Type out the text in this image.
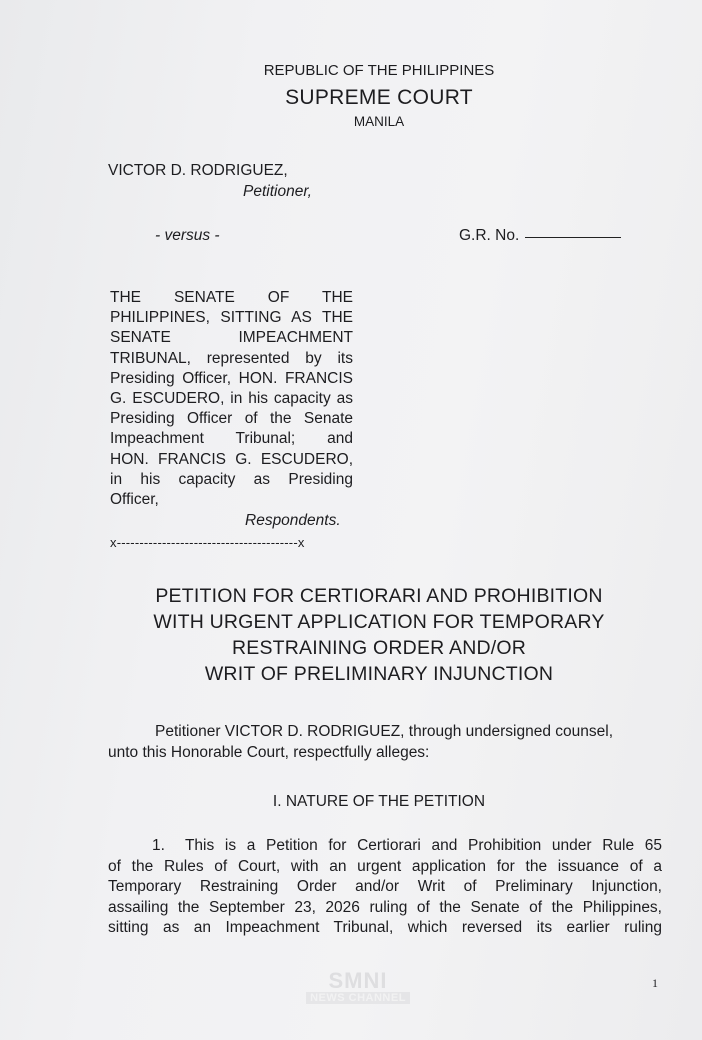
REPUBLIC OF THE PHILIPPINES
SUPREME COURT
MANILA
VICTOR D. RODRIGUEZ,
Petitioner,
- versus -	G.R. No.
THE SENATE OF THE
PHILIPPINES, SITTING AS THE
SENATE IMPEACHMENT
TRIBUNAL, represented by its
Presiding Officer, HON. FRANCIS
G. ESCUDERO, in his capacity as
Presiding Officer of the Senate
Impeachment Tribunal; and
HON. FRANCIS G. ESCUDERO,
in his capacity as Presiding
Officer,
Respondents.
x----------------------------------------x
PETITION FOR CERTIORARI AND PROHIBITION
WITH URGENT APPLICATION FOR TEMPORARY
RESTRAINING ORDER AND/OR
WRIT OF PRELIMINARY INJUNCTION
Petitioner VICTOR D. RODRIGUEZ, through undersigned counsel,
unto this Honorable Court, respectfully alleges:
I. NATURE OF THE PETITION
1. This is a Petition for Certiorari and Prohibition under Rule 65
of the Rules of Court, with an urgent application for the issuance of a
Temporary Restraining Order and/or Writ of Preliminary Injunction,
assailing the September 23, 2026 ruling of the Senate of the Philippines,
sitting as an Impeachment Tribunal, which reversed its earlier ruling
SMNI
NEWS CHANNEL
1
